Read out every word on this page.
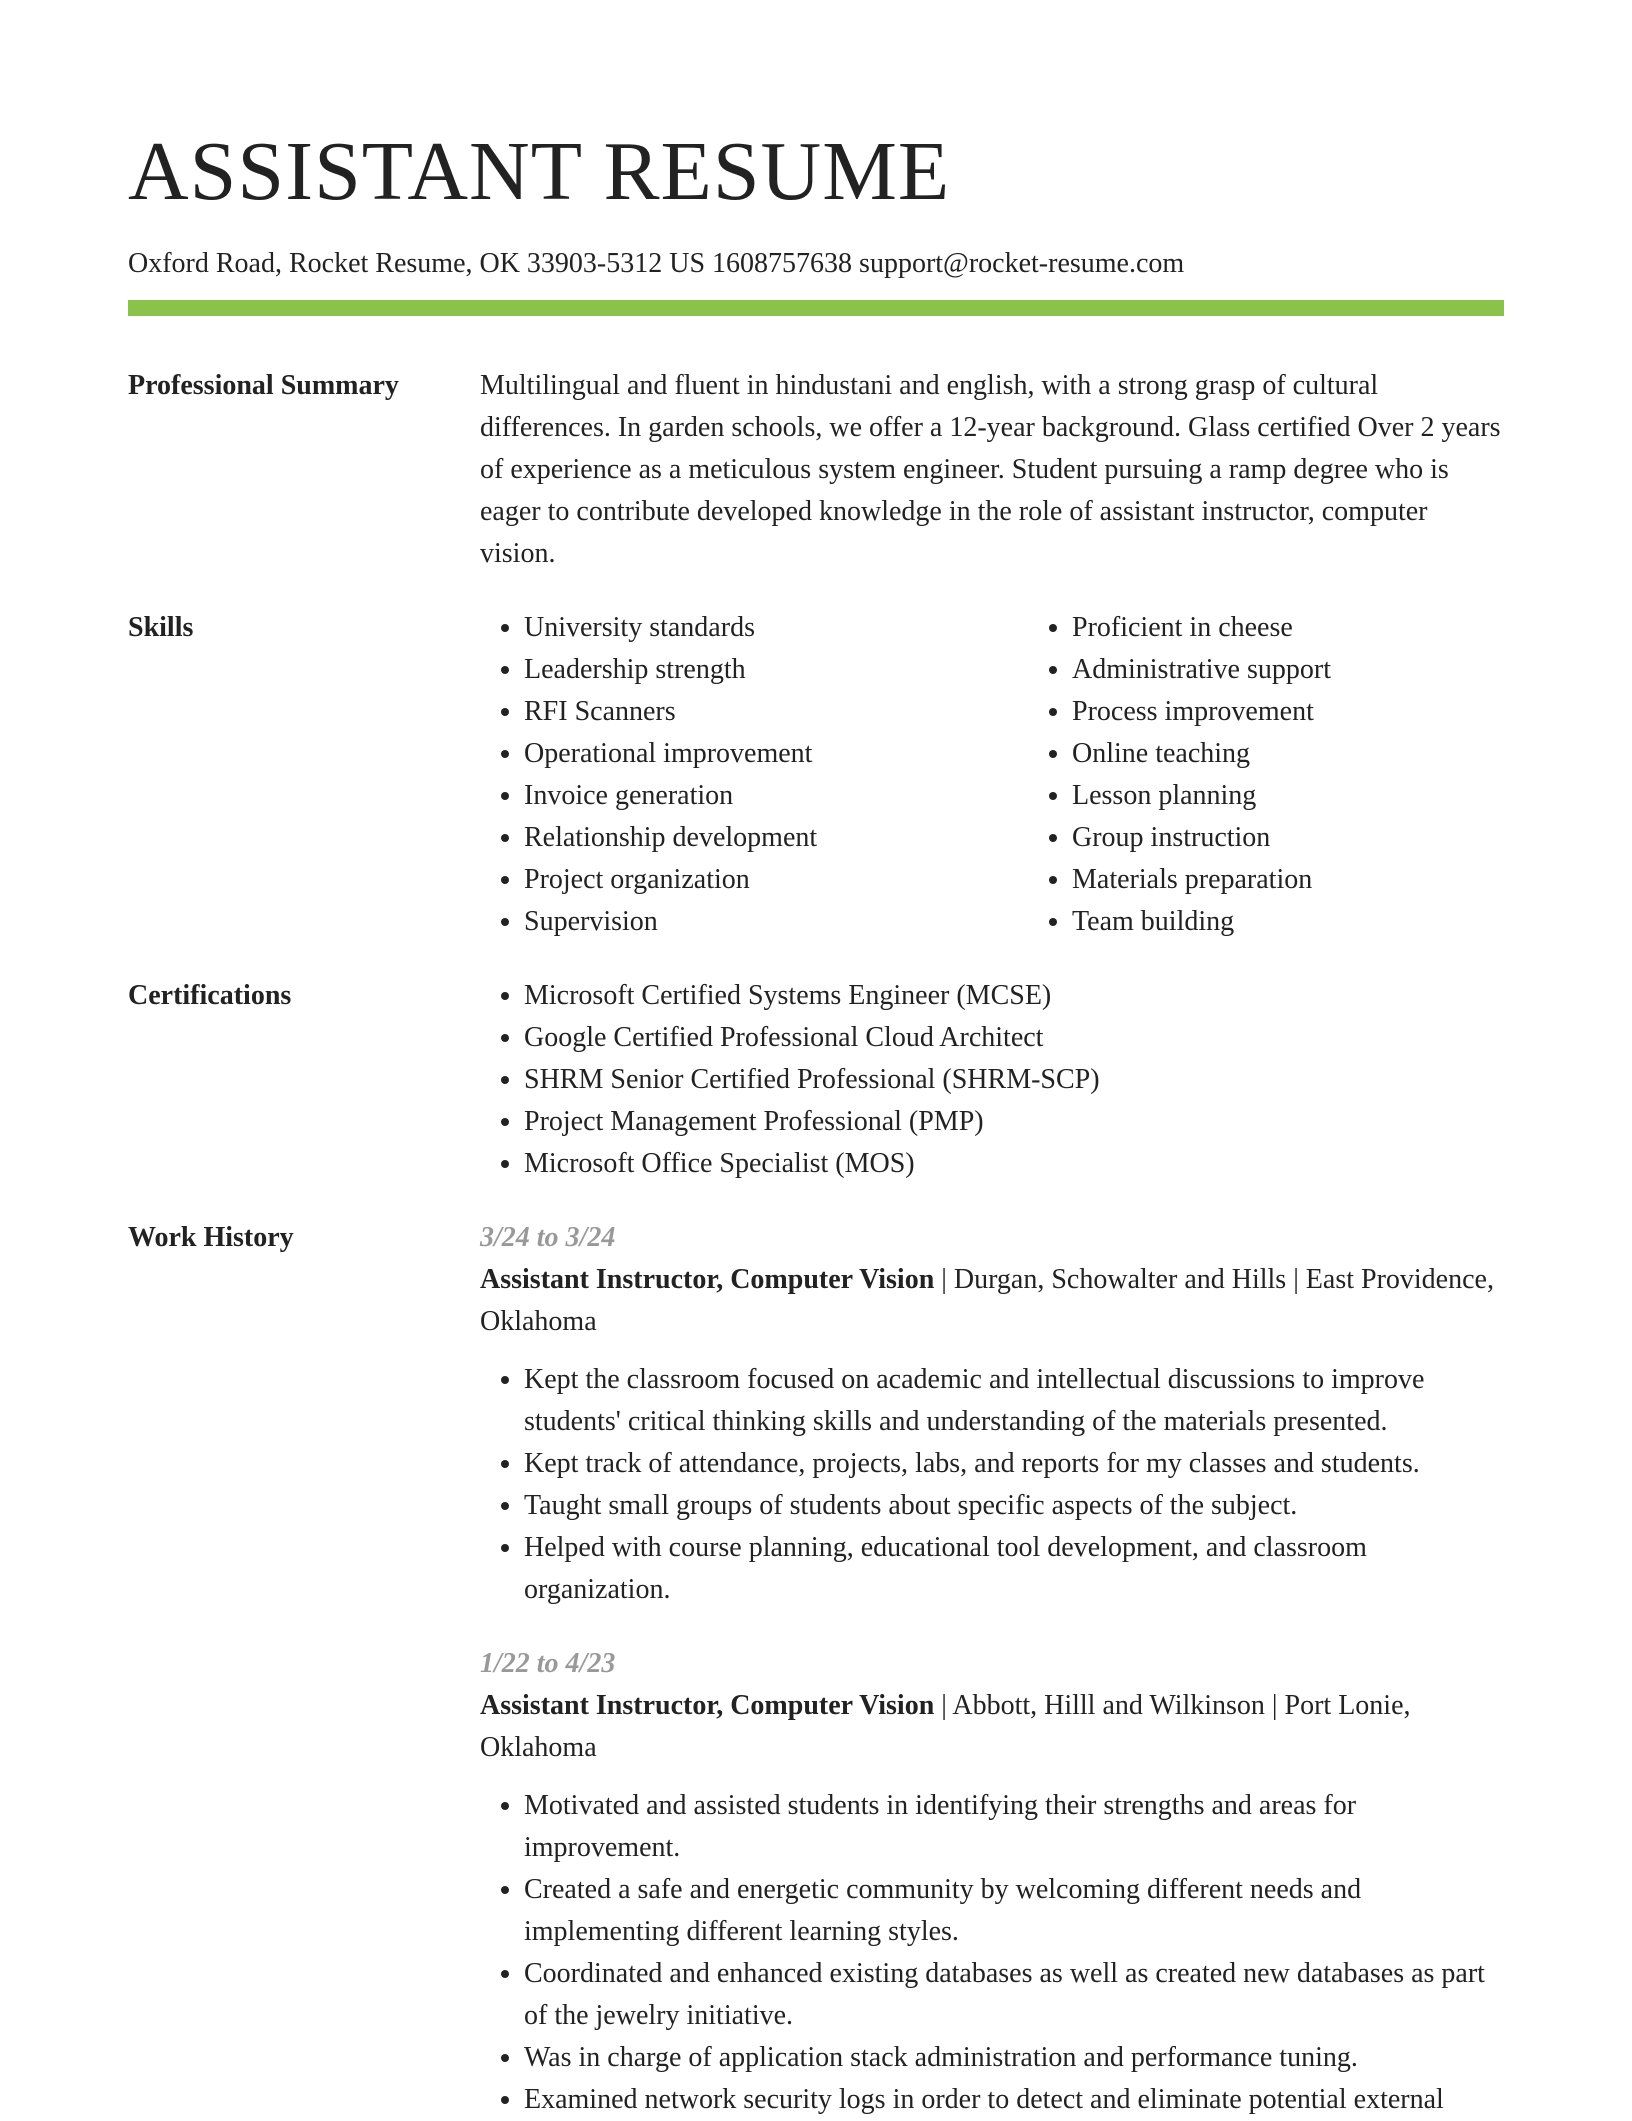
ASSISTANT RESUME
Oxford Road, Rocket Resume, OK 33903-5312 US 1608757638 support@rocket-resume.com
Professional Summary	Multilingual and fluent in hindustani and english, with a strong grasp of cultural differences. In garden schools, we offer a 12-year background. Glass certified Over 2 years of experience as a meticulous system engineer. Student pursuing a ramp degree who is eager to contribute developed knowledge in the role of assistant instructor, computer vision.

Skills	• University standards
• Leadership strength
• RFI Scanners
• Operational improvement
• Invoice generation
• Relationship development
• Project organization
• Supervision
• Proficient in cheese
• Administrative support
• Process improvement
• Online teaching
• Lesson planning
• Group instruction
• Materials preparation
• Team building
Certifications	• Microsoft Certified Systems Engineer (MCSE)
• Google Certified Professional Cloud Architect
• SHRM Senior Certified Professional (SHRM-SCP)
• Project Management Professional (PMP)
• Microsoft Office Specialist (MOS)
Work History	3/24 to 3/24
Assistant Instructor, Computer Vision | Durgan, Schowalter and Hills | East Providence, Oklahoma
• Kept the classroom focused on academic and intellectual discussions to improve students' critical thinking skills and understanding of the materials presented.
• Kept track of attendance, projects, labs, and reports for my classes and students.
• Taught small groups of students about specific aspects of the subject.
• Helped with course planning, educational tool development, and classroom organization.
1/22 to 4/23
Assistant Instructor, Computer Vision | Abbott, Hilll and Wilkinson | Port Lonie, Oklahoma
• Motivated and assisted students in identifying their strengths and areas for improvement.
• Created a safe and energetic community by welcoming different needs and implementing different learning styles.
• Coordinated and enhanced existing databases as well as created new databases as part of the jewelry initiative.
• Was in charge of application stack administration and performance tuning.
• Examined network security logs in order to detect and eliminate potential external
